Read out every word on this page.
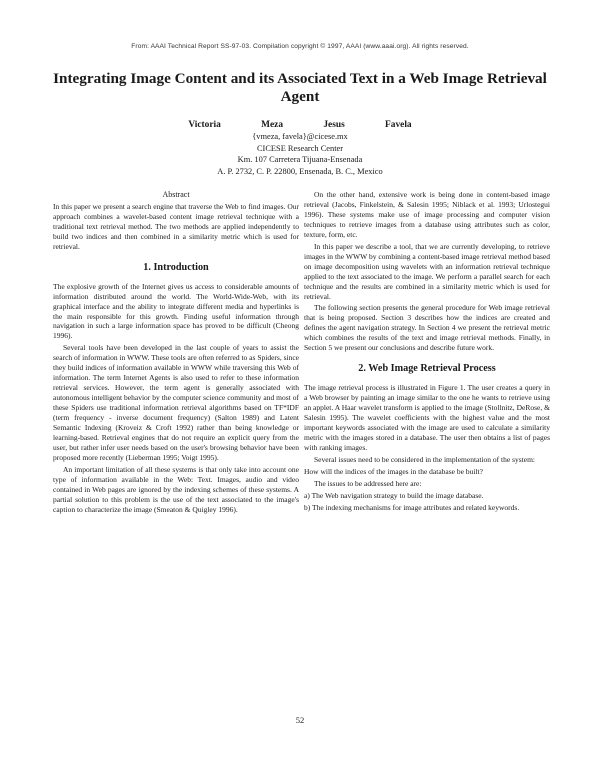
From: AAAI Technical Report SS-97-03. Compilation copyright © 1997, AAAI (www.aaai.org). All rights reserved.
Integrating Image Content and its Associated Text in a Web Image Retrieval Agent
Victoria Meza Jesus Favela
{vmeza, favela}@cicese.mx
CICESE Research Center
Km. 107 Carretera Tijuana-Ensenada
A. P. 2732, C. P. 22800, Ensenada, B. C., Mexico
Abstract

In this paper we present a search engine that traverse the Web to find images. Our approach combines a wavelet-based content image retrieval technique with a traditional text retrieval method. The two methods are applied independently to build two indices and then combined in a similarity metric which is used for retrieval.

1. Introduction

The explosive growth of the Internet gives us access to considerable amounts of information distributed around the world. The World-Wide-Web, with its graphical interface and the ability to integrate different media and hyperlinks is the main responsible for this growth. Finding useful information through navigation in such a large information space has proved to be difficult (Cheong 1996).

Several tools have been developed in the last couple of years to assist the search of information in WWW. These tools are often referred to as Spiders, since they build indices of information available in WWW while traversing this Web of information. The term Internet Agents is also used to refer to these information retrieval services. However, the term agent is generally associated with autonomous intelligent behavior by the computer science community and most of these Spiders use traditional information retrieval algorithms based on TF*IDF (term frequency - inverse document frequency) (Salton 1989) and Latent Semantic Indexing (Kroveiz & Croft 1992) rather than being knowledge or learning-based. Retrieval engines that do not require an explicit query from the user, but rather infer user needs based on the user's browsing behavior have been proposed more recently (Lieberman 1995; Voigt 1995).

An important limitation of all these systems is that only take into account one type of information available in the Web: Text. Images, audio and video contained in Web pages are ignored by the indexing schemes of these systems. A partial solution to this problem is the use of the text associated to the image's caption to characterize the image (Smeaton & Quigley 1996).

On the other hand, extensive work is being done in content-based image retrieval (Jacobs, Finkelstein, & Salesin 1995; Niblack et al. 1993; Urlostegui 1996). These systems make use of image processing and computer vision techniques to retrieve images from a database using attributes such as color, texture, form, etc.

In this paper we describe a tool, that we are currently developing, to retrieve images in the WWW by combining a content-based image retrieval method based on image decomposition using wavelets with an information retrieval technique applied to the text associated to the image. We perform a parallel search for each technique and the results are combined in a similarity metric which is used for retrieval.

The following section presents the general procedure for Web image retrieval that is being proposed. Section 3 describes how the indices are created and defines the agent navigation strategy. In Section 4 we present the retrieval metric which combines the results of the text and image retrieval methods. Finally, in Section 5 we present our conclusions and describe future work.

2. Web Image Retrieval Process

The image retrieval process is illustrated in Figure 1. The user creates a query in a Web browser by painting an image similar to the one he wants to retrieve using an applet. A Haar wavelet transform is applied to the image (Stollnitz, DeRose, & Salesin 1995). The wavelet coefficients with the highest value and the most important keywords associated with the image are used to calculate a similarity metric with the images stored in a database. The user then obtains a list of pages with ranking images.

Several issues need to be considered in the implementation of the system:

How will the indices of the images in the database be built?

The issues to be addressed here are:

a) The Web navigation strategy to build the image database.

b) The indexing mechanisms for image attributes and related keywords.

52
